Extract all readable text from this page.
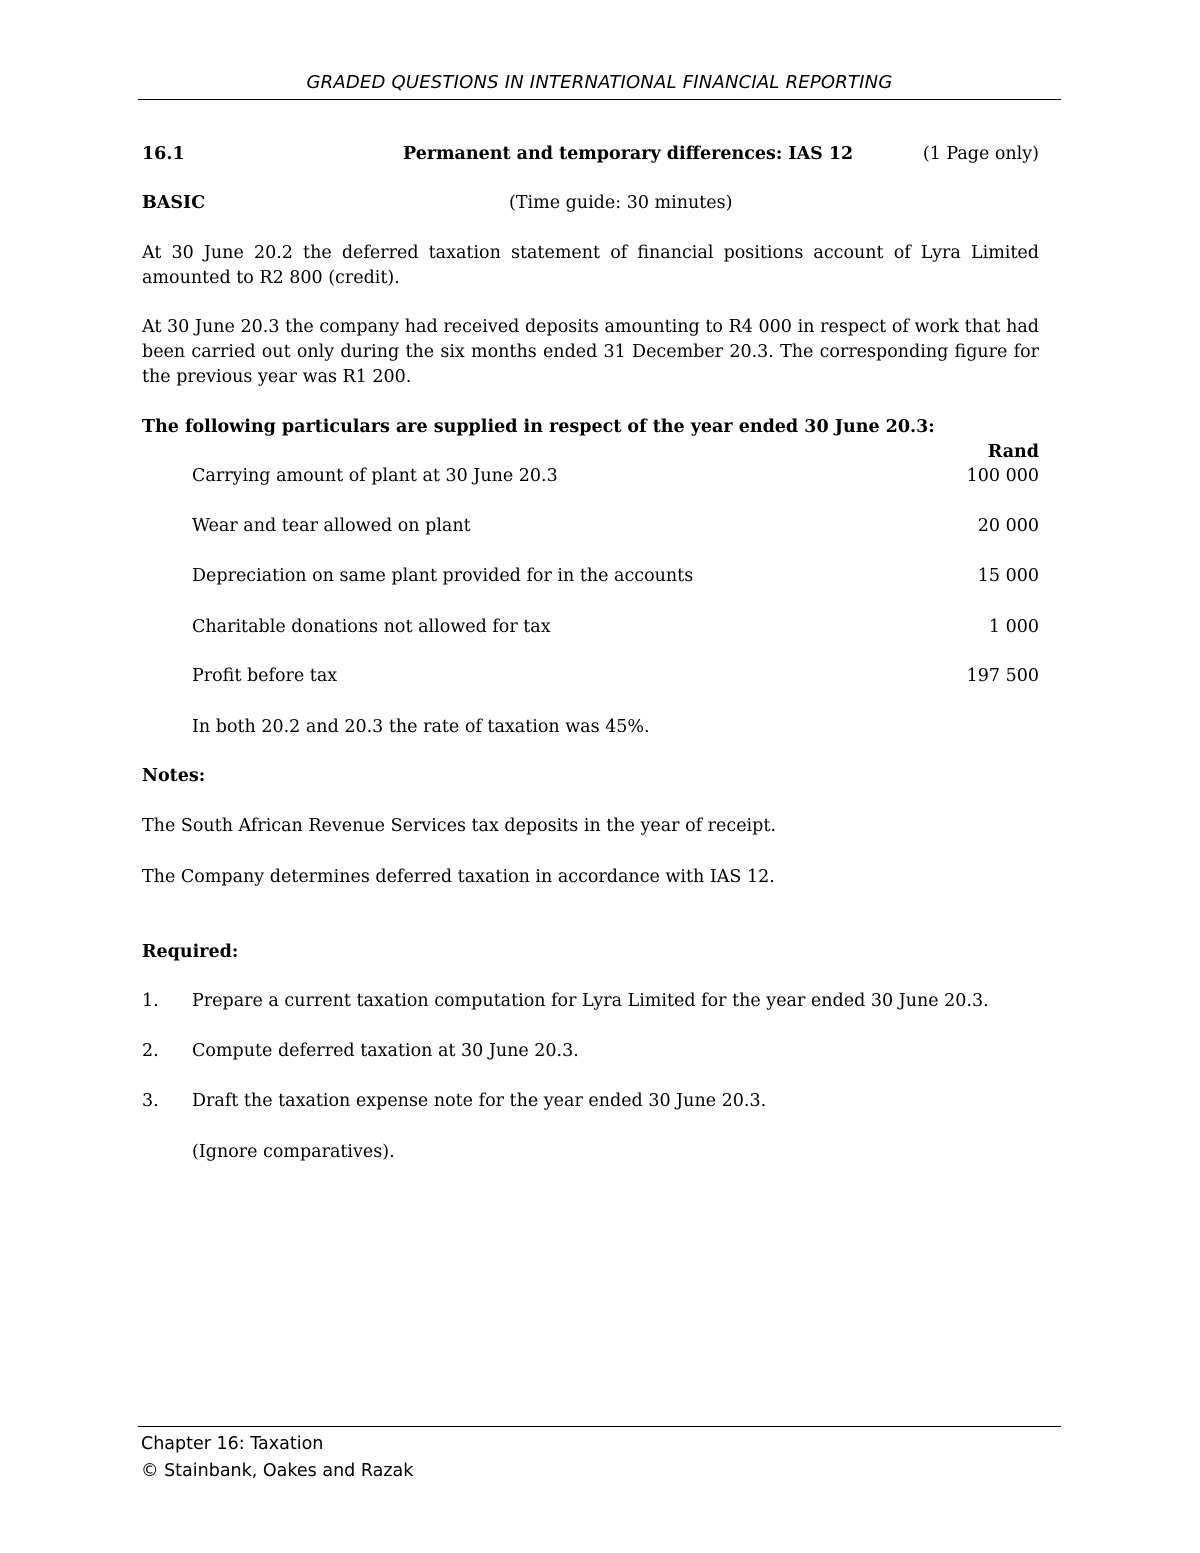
GRADED QUESTIONS IN INTERNATIONAL FINANCIAL REPORTING
16.1	Permanent and temporary differences: IAS 12	(1 Page only)
BASIC	(Time guide: 30 minutes)
At 30 June 20.2 the deferred taxation statement of financial positions account of Lyra Limited amounted to R2 800 (credit).
At 30 June 20.3 the company had received deposits amounting to R4 000 in respect of work that had been carried out only during the six months ended 31 December 20.3. The corresponding figure for the previous year was R1 200.
The following particulars are supplied in respect of the year ended 30 June 20.3:
Rand
Carrying amount of plant at 30 June 20.3	100 000
Wear and tear allowed on plant	20 000
Depreciation on same plant provided for in the accounts	15 000
Charitable donations not allowed for tax	1 000
Profit before tax	197 500
In both 20.2 and 20.3 the rate of taxation was 45%.
Notes:
The South African Revenue Services tax deposits in the year of receipt.
The Company determines deferred taxation in accordance with IAS 12.
Required:
1. Prepare a current taxation computation for Lyra Limited for the year ended 30 June 20.3.
2. Compute deferred taxation at 30 June 20.3.
3. Draft the taxation expense note for the year ended 30 June 20.3.
(Ignore comparatives).
Chapter 16: Taxation
© Stainbank, Oakes and Razak
